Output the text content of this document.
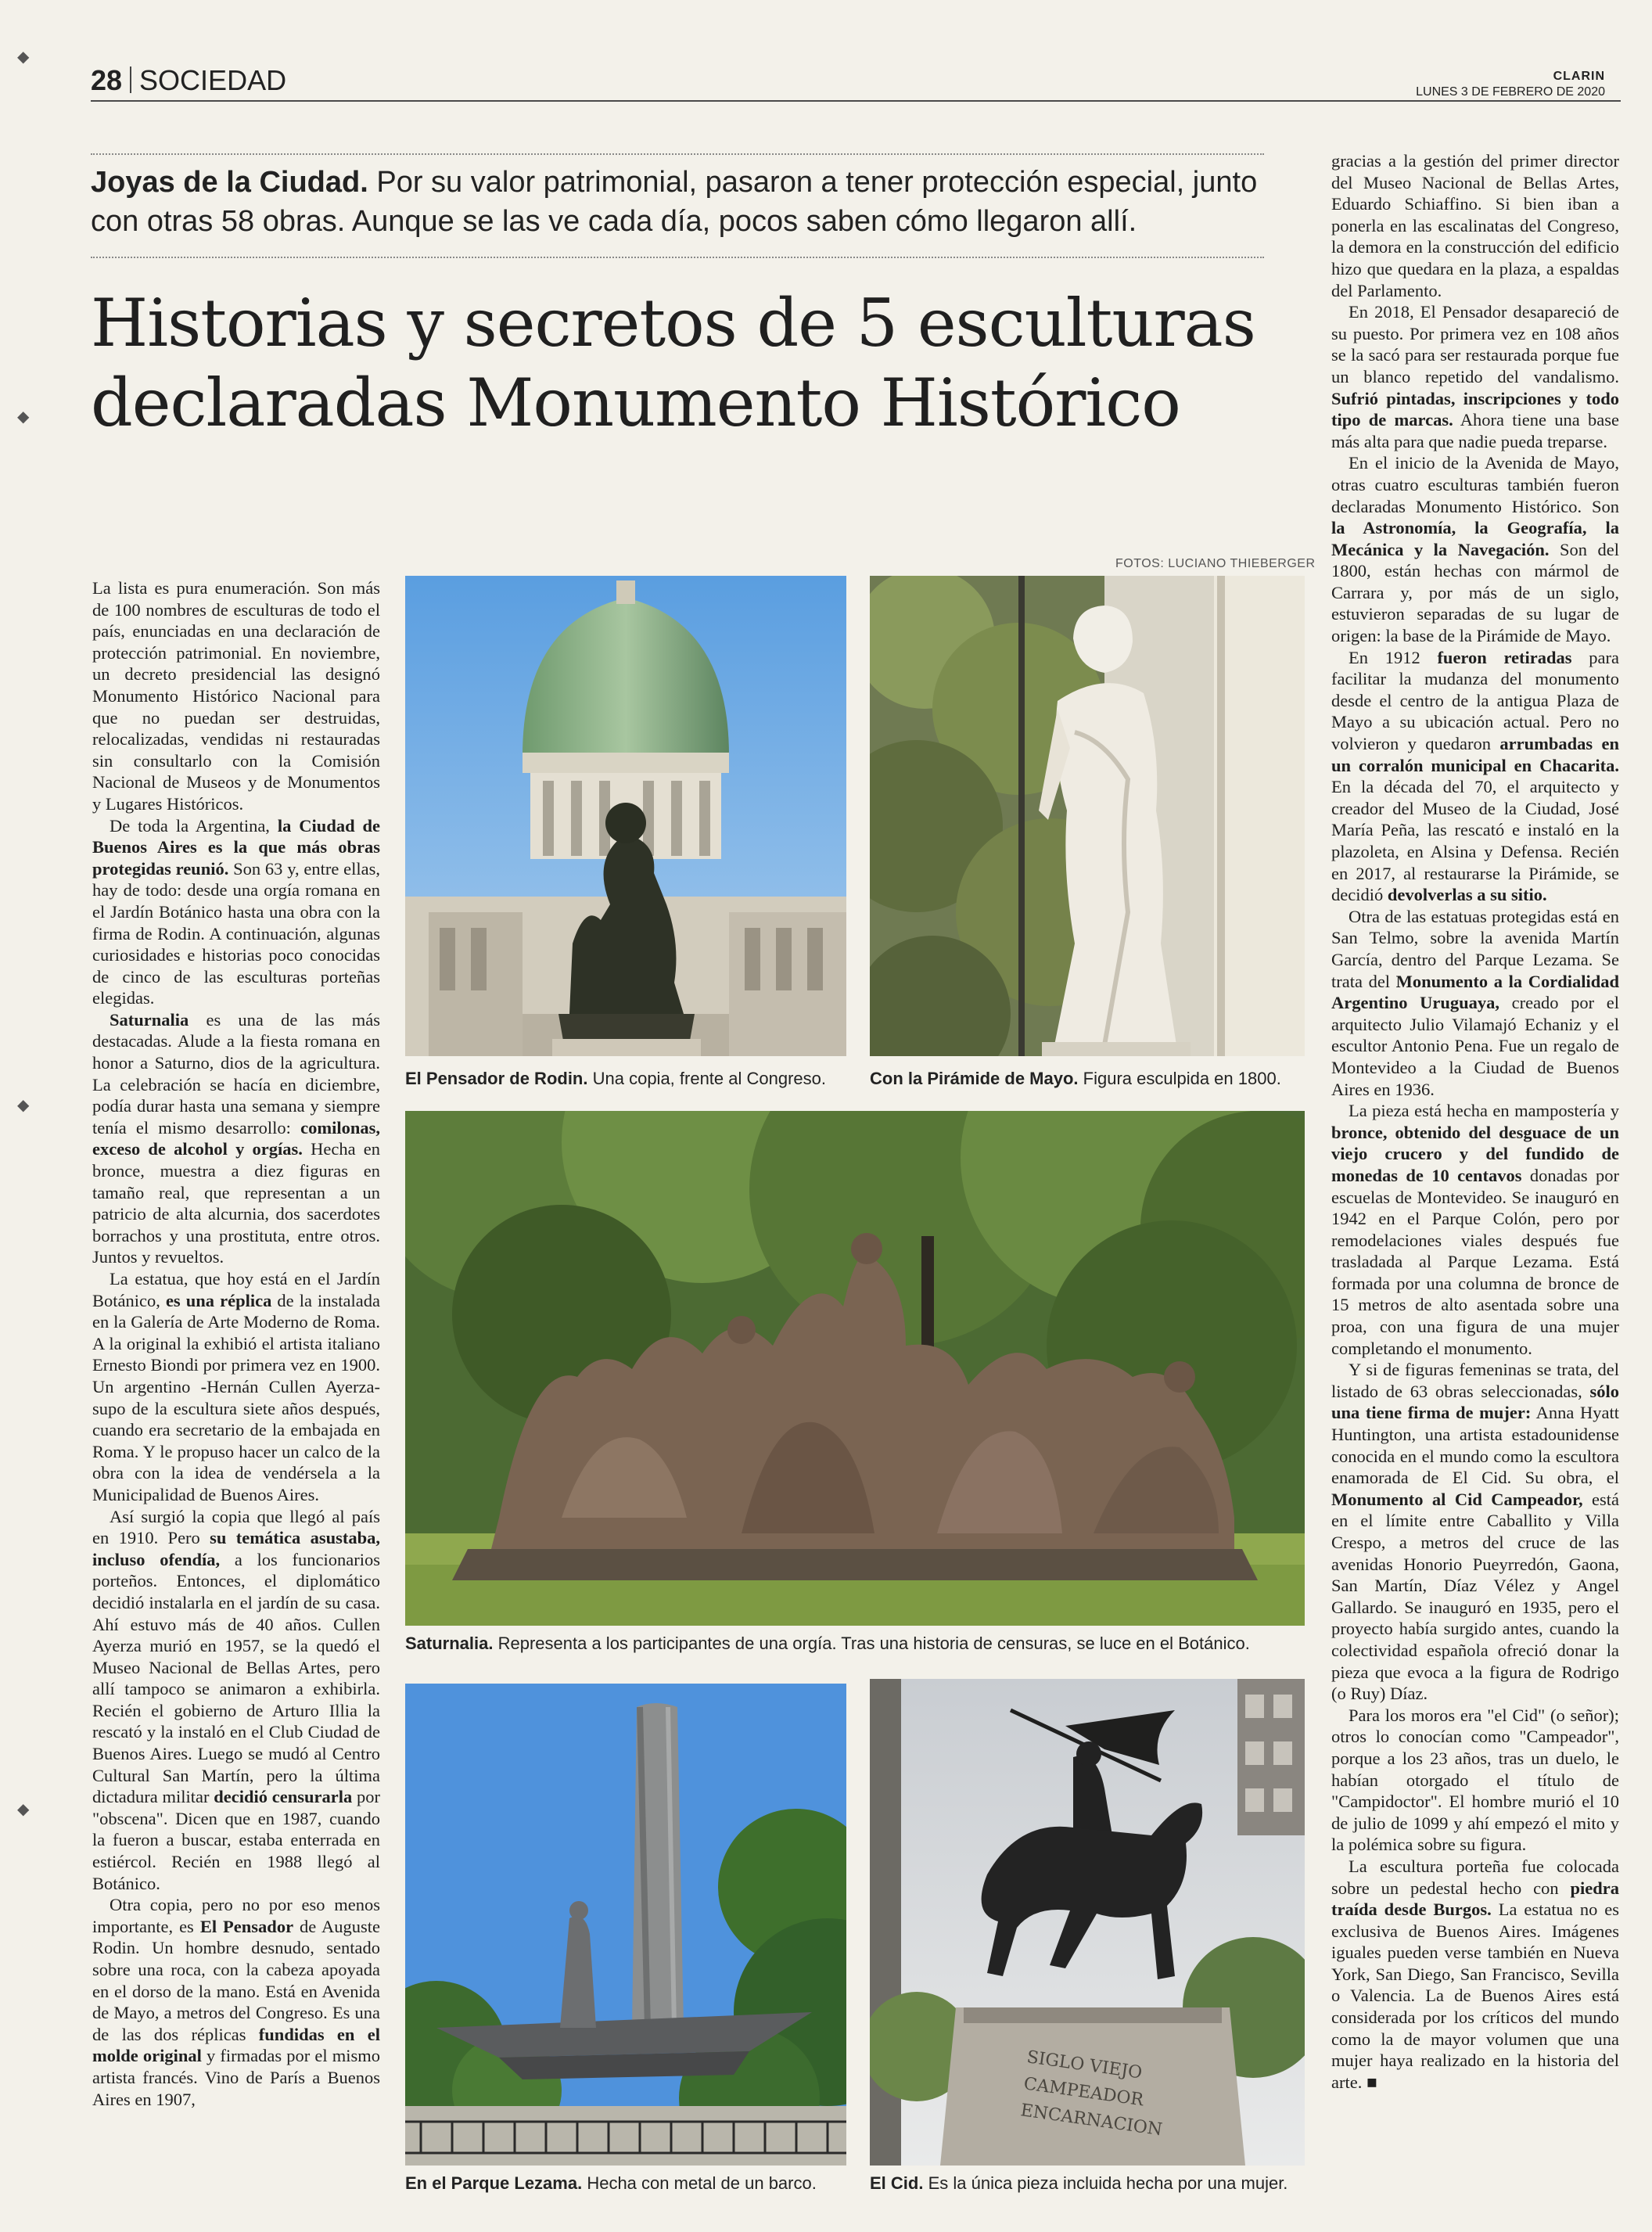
◆
◆
◆
◆
28 SOCIEDAD	CLARIN
LUNES 3 DE FEBRERO DE 2020
Joyas de la Ciudad. Por su valor patrimonial, pasaron a tener protección especial, junto con otras 58 obras. Aunque se las ve cada día, pocos saben cómo llegaron allí.
Historias y secretos de 5 esculturas
declaradas Monumento Histórico

La lista es pura enumeración. Son más de 100 nombres de esculturas de todo el país, enunciadas en una declaración de protección patrimonial. En noviembre, un decreto presidencial las designó Monumento Histórico Nacional para que no puedan ser destruidas, relocalizadas, vendidas ni restauradas sin consultarlo con la Comisión Nacional de Museos y de Monumentos y Lugares Históricos.

De toda la Argentina, la Ciudad de Buenos Aires es la que más obras protegidas reunió. Son 63 y, entre ellas, hay de todo: desde una orgía romana en el Jardín Botánico hasta una obra con la firma de Rodin. A continuación, algunas curiosidades e historias poco conocidas de cinco de las esculturas porteñas elegidas.

Saturnalia es una de las más destacadas. Alude a la fiesta romana en honor a Saturno, dios de la agricultura. La celebración se hacía en diciembre, podía durar hasta una semana y siempre tenía el mismo desarrollo: comilonas, exceso de alcohol y orgías. Hecha en bronce, muestra a diez figuras en tamaño real, que representan a un patricio de alta alcurnia, dos sacerdotes borrachos y una prostituta, entre otros. Juntos y revueltos.

La estatua, que hoy está en el Jardín Botánico, es una réplica de la instalada en la Galería de Arte Moderno de Roma. A la original la exhibió el artista italiano Ernesto Biondi por primera vez en 1900. Un argentino -Hernán Cullen Ayerza- supo de la escultura siete años después, cuando era secretario de la embajada en Roma. Y le propuso hacer un calco de la obra con la idea de vendérsela a la Municipalidad de Buenos Aires.

Así surgió la copia que llegó al país en 1910. Pero su temática asustaba, incluso ofendía, a los funcionarios porteños. Entonces, el diplomático decidió instalarla en el jardín de su casa. Ahí estuvo más de 40 años. Cullen Ayerza murió en 1957, se la quedó el Museo Nacional de Bellas Artes, pero allí tampoco se animaron a exhibirla. Recién el gobierno de Arturo Illia la rescató y la instaló en el Club Ciudad de Buenos Aires. Luego se mudó al Centro Cultural San Martín, pero la última dictadura militar decidió censurarla por "obscena". Dicen que en 1987, cuando la fueron a buscar, estaba enterrada en estiércol. Recién en 1988 llegó al Botánico.

Otra copia, pero no por eso menos importante, es El Pensador de Auguste Rodin. Un hombre desnudo, sentado sobre una roca, con la cabeza apoyada en el dorso de la mano. Está en Avenida de Mayo, a metros del Congreso. Es una de las dos réplicas fundidas en el molde original y firmadas por el mismo artista francés. Vino de París a Buenos Aires en 1907,

gracias a la gestión del primer director del Museo Nacional de Bellas Artes, Eduardo Schiaffino. Si bien iban a ponerla en las escalinatas del Congreso, la demora en la construcción del edificio hizo que quedara en la plaza, a espaldas del Parlamento.

En 2018, El Pensador desapareció de su puesto. Por primera vez en 108 años se la sacó para ser restaurada porque fue un blanco repetido del vandalismo. Sufrió pintadas, inscripciones y todo tipo de marcas. Ahora tiene una base más alta para que nadie pueda treparse.

En el inicio de la Avenida de Mayo, otras cuatro esculturas también fueron declaradas Monumento Histórico. Son la Astronomía, la Geografía, la Mecánica y la Navegación. Son del 1800, están hechas con mármol de Carrara y, por más de un siglo, estuvieron separadas de su lugar de origen: la base de la Pirámide de Mayo.

En 1912 fueron retiradas para facilitar la mudanza del monumento desde el centro de la antigua Plaza de Mayo a su ubicación actual. Pero no volvieron y quedaron arrumbadas en un corralón municipal en Chacarita. En la década del 70, el arquitecto y creador del Museo de la Ciudad, José María Peña, las rescató e instaló en la plazoleta, en Alsina y Defensa. Recién en 2017, al restaurarse la Pirámide, se decidió devolverlas a su sitio.

Otra de las estatuas protegidas está en San Telmo, sobre la avenida Martín García, dentro del Parque Lezama. Se trata del Monumento a la Cordialidad Argentino Uruguaya, creado por el arquitecto Julio Vilamajó Echaniz y el escultor Antonio Pena. Fue un regalo de Montevideo a la Ciudad de Buenos Aires en 1936.

La pieza está hecha en mampostería y bronce, obtenido del desguace de un viejo crucero y del fundido de monedas de 10 centavos donadas por escuelas de Montevideo. Se inauguró en 1942 en el Parque Colón, pero por remodelaciones viales después fue trasladada al Parque Lezama. Está formada por una columna de bronce de 15 metros de alto asentada sobre una proa, con una figura de una mujer completando el monumento.

Y si de figuras femeninas se trata, del listado de 63 obras seleccionadas, sólo una tiene firma de mujer: Anna Hyatt Huntington, una artista estadounidense conocida en el mundo como la escultora enamorada de El Cid. Su obra, el Monumento al Cid Campeador, está en el límite entre Caballito y Villa Crespo, a metros del cruce de las avenidas Honorio Pueyrredón, Gaona, San Martín, Díaz Vélez y Angel Gallardo. Se inauguró en 1935, pero el proyecto había surgido antes, cuando la colectividad española ofreció donar la pieza que evoca a la figura de Rodrigo (o Ruy) Díaz.

Para los moros era "el Cid" (o señor); otros lo conocían como "Campeador", porque a los 23 años, tras un duelo, le habían otorgado el título de "Campidoctor". El hombre murió el 10 de julio de 1099 y ahí empezó el mito y la polémica sobre su figura.

La escultura porteña fue colocada sobre un pedestal hecho con piedra traída desde Burgos. La estatua no es exclusiva de Buenos Aires. Imágenes iguales pueden verse también en Nueva York, San Diego, San Francisco, Sevilla o Valencia. La de Buenos Aires está considerada por los críticos del mundo como la de mayor volumen que una mujer haya realizado en la historia del arte. ■

FOTOS: LUCIANO THIEBERGER
El Pensador de Rodin. Una copia, frente al Congreso.	Con la Pirámide de Mayo. Figura esculpida en 1800.
Saturnalia. Representa a los participantes de una orgía. Tras una historia de censuras, se luce en el Botánico.
En el Parque Lezama. Hecha con metal de un barco.
SIGLO VIEJO
CAMPEADOR
ENCARNACION
El Cid. Es la única pieza incluida hecha por una mujer.
